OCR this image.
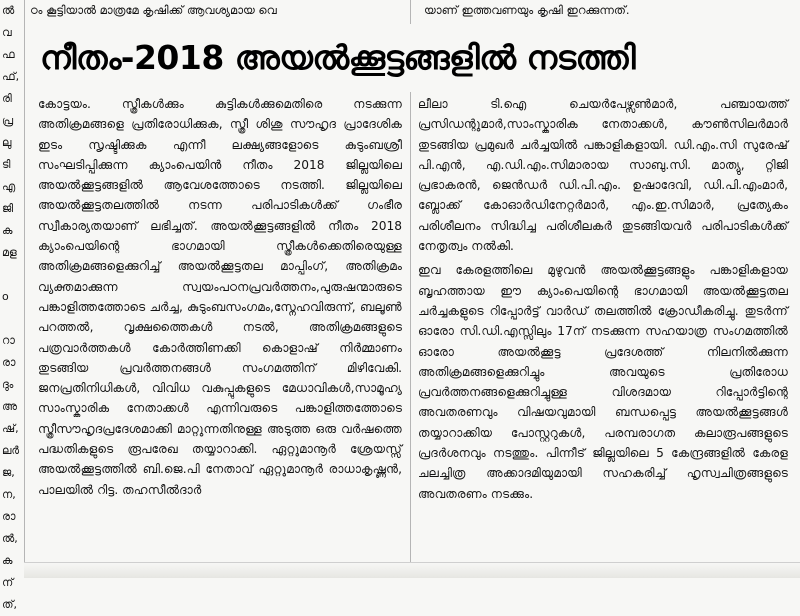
ൽ
വ
ഫ
ഫ്,
രി
പ്ര
ലു
ടി
എ
ജി
ക
മള

o

റാ
രാ
ദും
അ
ഷ്,
ലർ
ജ,
ന,
രാ
ൽ,
ക
ന്
ത്,
ഠം കൂട്ടിയാൽ മാത്രമേ കൃഷിക്ക് ആവശ്യമായ വെ	യാണ് ഇത്തവണയും കൃഷി ഇറക്കുന്നത്.
നീതം-2018 അയൽക്കൂട്ടങ്ങളിൽ നടത്തി

കോട്ടയം. സ്ത്രീകൾക്കും കുട്ടികൾക്കുമെതിരെ നടക്കുന്ന അതിക്രമങ്ങളെ പ്രതിരോധിക്കുക, സ്ത്രീ ശിശു സൗഹൃദ പ്രാദേശിക ഇടം സൃഷ്ടിക്കുക എന്നീ ലക്ഷ്യങ്ങളോടെ കുടുംബശ്രീ സംഘടിപ്പിക്കുന്ന ക്യാംപെയിൻ നീതം 2018 ജില്ലയിലെ അയൽക്കൂട്ടങ്ങളിൽ ആവേശത്തോടെ നടത്തി. ജില്ലയിലെ അയൽക്കൂട്ടതലത്തിൽ നടന്ന പരിപാടികൾക്ക് ഗംഭീര സ്വീകാര്യതയാണ് ലഭിച്ചത്. അയൽക്കൂട്ടങ്ങളിൽ നീതം 2018 ക്യാംപെയിന്റെ ഭാഗമായി സ്ത്രീകൾക്കെതിരെയുള്ള അതിക്രമങ്ങളെക്കുറിച്ച് അയൽക്കൂട്ടതല മാപ്പിംഗ്, അതിക്രമം വ്യക്തമാക്കുന്ന സ്വയംപഠനപ്രവർത്തനം,പുരുഷന്മാരുടെ പങ്കാളിത്തത്തോടെ ചർച്ച, കുടുംബസംഗമം,സ്നേഹവിരുന്ന്, ബലൂൺ പറത്തൽ, വൃക്ഷത്തൈകൾ നടൽ, അതിക്രമങ്ങളുടെ പത്രവാർത്തകൾ കോർത്തിണക്കി കൊളാഷ് നിർമ്മാണം തുടങ്ങിയ പ്രവർത്തനങ്ങൾ സംഗമത്തിന് മിഴിവേകി. ജനപ്രതിനിധികൾ, വിവിധ വകുപ്പുകളുടെ മേധാവികൾ,സാമൂഹ്യ സാംസ്കാരിക നേതാക്കൾ എന്നിവരുടെ പങ്കാളിത്തത്തോടെ സ്ത്രീസൗഹൃദപ്രദേശമാക്കി മാറ്റുന്നതിനുള്ള അടുത്ത ഒരു വർഷത്തെ പദ്ധതികളുടെ രൂപരേഖ തയ്യാറാക്കി. ഏറ്റുമാനൂർ ശ്രേയസ്സ് അയൽക്കൂട്ടത്തിൽ ബി.ജെ.പി നേതാവ് ഏറ്റുമാനൂർ രാധാകൃഷ്ണൻ, പാലയിൽ റിട്ട. തഹസീൽദാർ

ലീലാ ടി.ഐ ചെയർപേഴ്സൺമാർ, പഞ്ചായത്ത് പ്രസിഡന്റുമാർ,സാംസ്കാരിക നേതാക്കൾ, കൗൺസിലർമാർ തുടങ്ങിയ പ്രമുഖർ ചർച്ചയിൽ പങ്കാളികളായി. ഡി.എം.സി സുരേഷ് പി.എൻ, എ.ഡി.എം.സിമാരായ സാബു.സി. മാത്യു, റ്റിജി പ്രഭാകരൻ, ജെൻഡർ ഡി.പി.എം. ഉഷാദേവി, ഡി.പി.എംമാർ, ബ്ലോക്ക് കോ‌ഓർഡിനേറ്റർമാർ, എം.ഇ.സിമാർ, പ്രത്യേകം പരിശീലനം സിദ്ധിച്ച പരിശീലകർ തുടങ്ങിയവർ പരിപാടികൾക്ക് നേതൃത്വം നൽകി.

ഇവ കേരളത്തിലെ മുഴുവൻ അയൽക്കൂട്ടങ്ങളും പങ്കാളികളായ ബൃഹത്തായ ഈ ക്യാംപെയിന്റെ ഭാഗമായി അയൽക്കൂട്ടതല ചർച്ചകളുടെ റിപ്പോർട്ട് വാർഡ് തലത്തിൽ ക്രോഡീകരിച്ചു. തുടർന്ന് ഓരോ സി.ഡി.എസ്സിലും 17ന് നടക്കുന്ന സഹയാത്ര സംഗമത്തിൽ ഓരോ അയൽക്കൂട്ട പ്രദേശത്ത് നിലനിൽക്കുന്ന അതിക്രമങ്ങളെക്കുറിച്ചും അവയുടെ പ്രതിരോധ പ്രവർത്തനങ്ങളെക്കുറിച്ചുള്ള വിശദമായ റിപ്പോർട്ടിന്റെ അവതരണവും വിഷയവുമായി ബന്ധപ്പെട്ട അയൽക്കൂട്ടങ്ങൾ തയ്യാറാക്കിയ പോസ്റ്ററുകൾ, പരമ്പരാഗത കലാരൂപങ്ങളുടെ പ്രദർശനവും നടത്തും. പിന്നീട് ജില്ലയിലെ 5 കേന്ദ്രങ്ങളിൽ കേരള ചലച്ചിത്ര അക്കാദമിയുമായി സഹകരിച്ച് ഹൃസ്വചിത്രങ്ങളുടെ അവതരണം നടക്കും.
